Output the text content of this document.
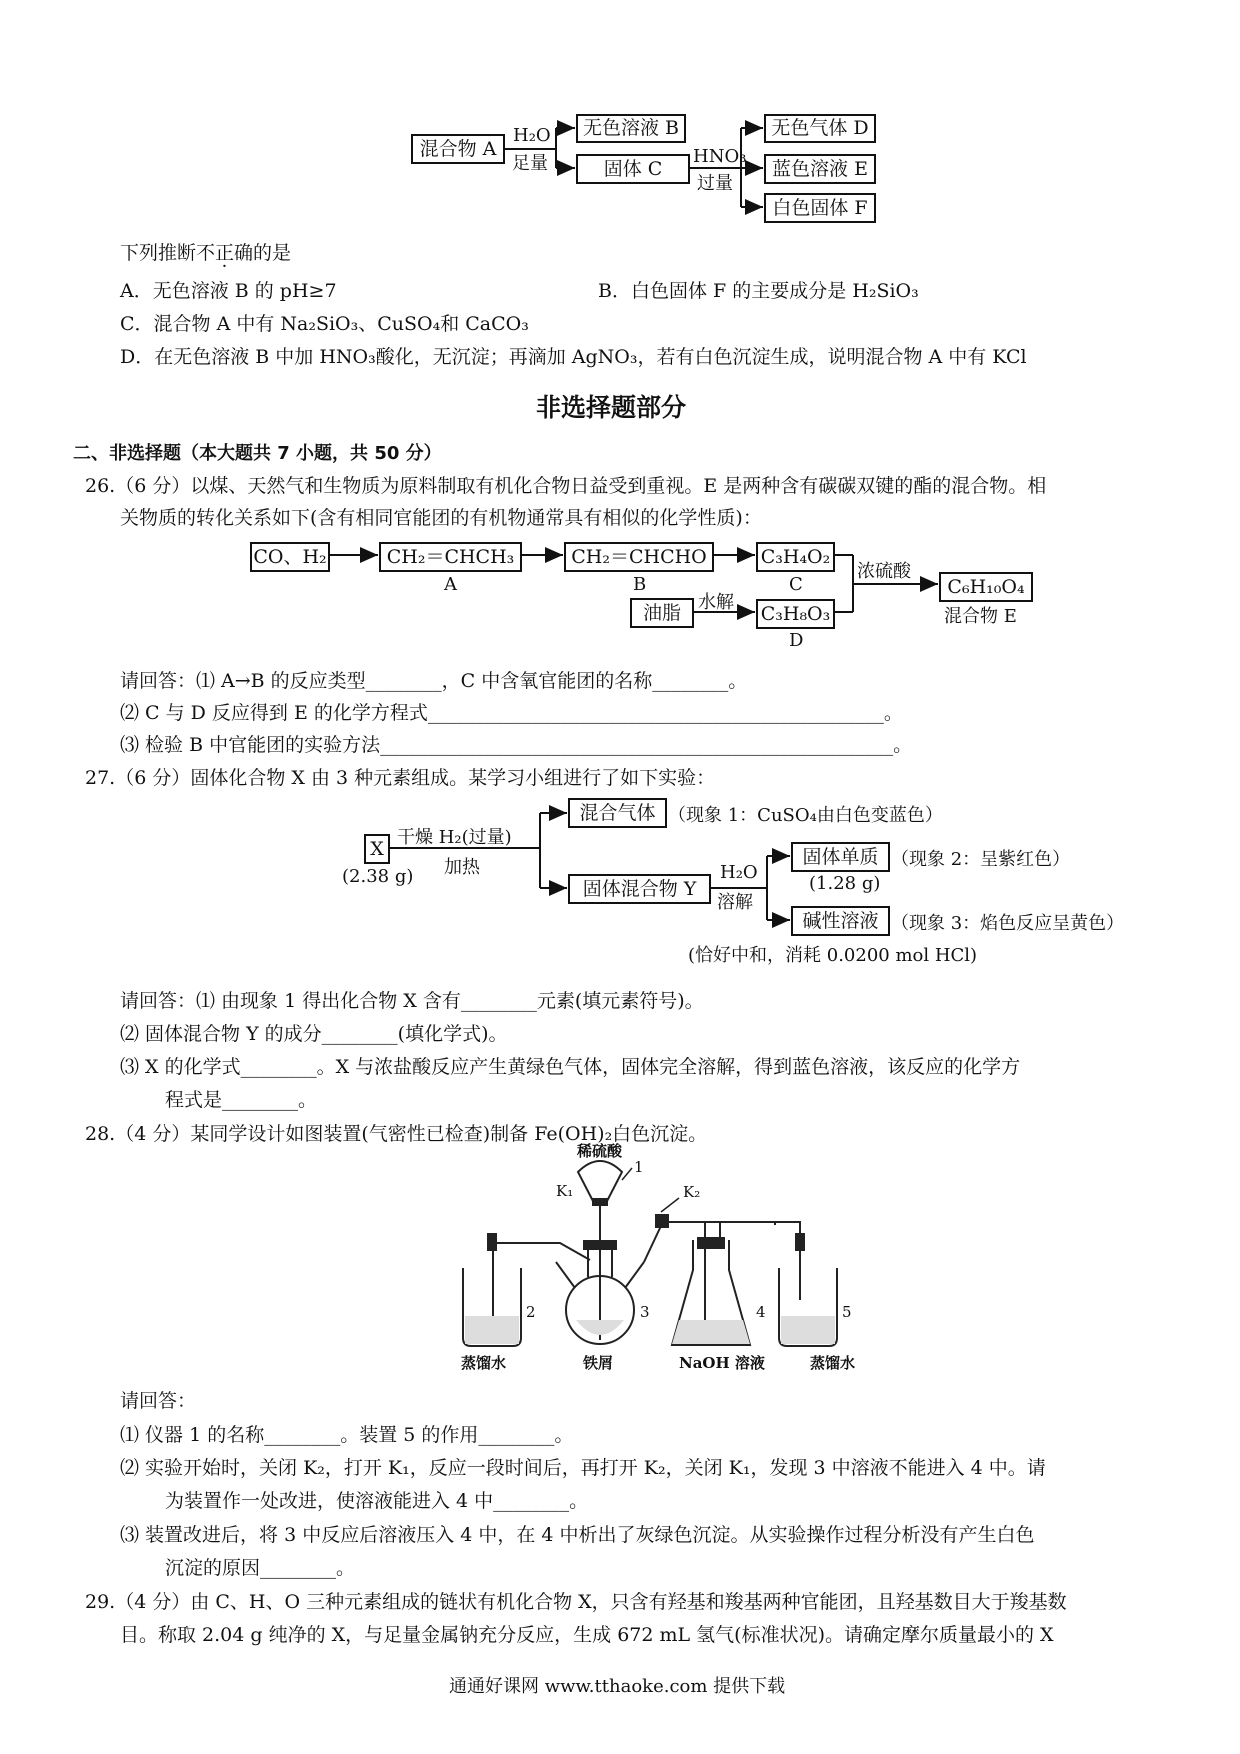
混合物 A
H₂O
足量
无色溶液 B
固体 C
HNO₃
过量
无色气体 D
蓝色溶液 E
白色固体 F
下列推断不正确的是
A．无色溶液 B 的 pH≥7	B．白色固体 F 的主要成分是 H₂SiO₃
C．混合物 A 中有 Na₂SiO₃、CuSO₄和 CaCO₃
D．在无色溶液 B 中加 HNO₃酸化，无沉淀；再滴加 AgNO₃，若有白色沉淀生成，说明混合物 A 中有 KCl
非选择题部分
二、非选择题（本大题共 7 小题，共 50 分）
26.（6 分）以煤、天然气和生物质为原料制取有机化合物日益受到重视。E 是两种含有碳碳双键的酯的混合物。相
关物质的转化关系如下(含有相同官能团的有机物通常具有相似的化学性质)：
CO、H₂	CH₂＝CHCH₃
A
CH₂＝CHCHO
B
C₃H₄O₂
C
油脂 水解
C₃H₈O₃
D
浓硫酸
C₆H₁₀O₄
混合物 E
请回答：⑴ A→B 的反应类型________，C 中含氧官能团的名称________。
⑵ C 与 D 反应得到 E 的化学方程式________________________________________________。
⑶ 检验 B 中官能团的实验方法______________________________________________________。
27.（6 分）固体化合物 X 由 3 种元素组成。某学习小组进行了如下实验：
X
(2.38 g)
干燥 H₂(过量)
加热
混合气体 （现象 1：CuSO₄由白色变蓝色）
固体混合物 Y
H₂O
溶解
固体单质 （现象 2：呈紫红色）
(1.28 g)
碱性溶液 （现象 3：焰色反应呈黄色）
(恰好中和，消耗 0.0200 mol HCl)
请回答：⑴ 由现象 1 得出化合物 X 含有________元素(填元素符号)。
⑵ 固体混合物 Y 的成分________(填化学式)。
⑶ X 的化学式________。X 与浓盐酸反应产生黄绿色气体，固体完全溶解，得到蓝色溶液，该反应的化学方
程式是________。
28.（4 分）某同学设计如图装置(气密性已检查)制备 Fe(OH)₂白色沉淀。
稀硫酸
K₁	K₂
1
2	3	4	5
蒸馏水	铁屑	NaOH 溶液	蒸馏水
请回答：
⑴ 仪器 1 的名称________。装置 5 的作用________。
⑵ 实验开始时，关闭 K₂，打开 K₁，反应一段时间后，再打开 K₂，关闭 K₁，发现 3 中溶液不能进入 4 中。请
为装置作一处改进，使溶液能进入 4 中________。
⑶ 装置改进后，将 3 中反应后溶液压入 4 中，在 4 中析出了灰绿色沉淀。从实验操作过程分析没有产生白色
沉淀的原因________。
29.（4 分）由 C、H、O 三种元素组成的链状有机化合物 X，只含有羟基和羧基两种官能团，且羟基数目大于羧基数
目。称取 2.04 g 纯净的 X，与足量金属钠充分反应，生成 672 mL 氢气(标准状况)。请确定摩尔质量最小的 X
通通好课网 www.tthaoke.com 提供下载
